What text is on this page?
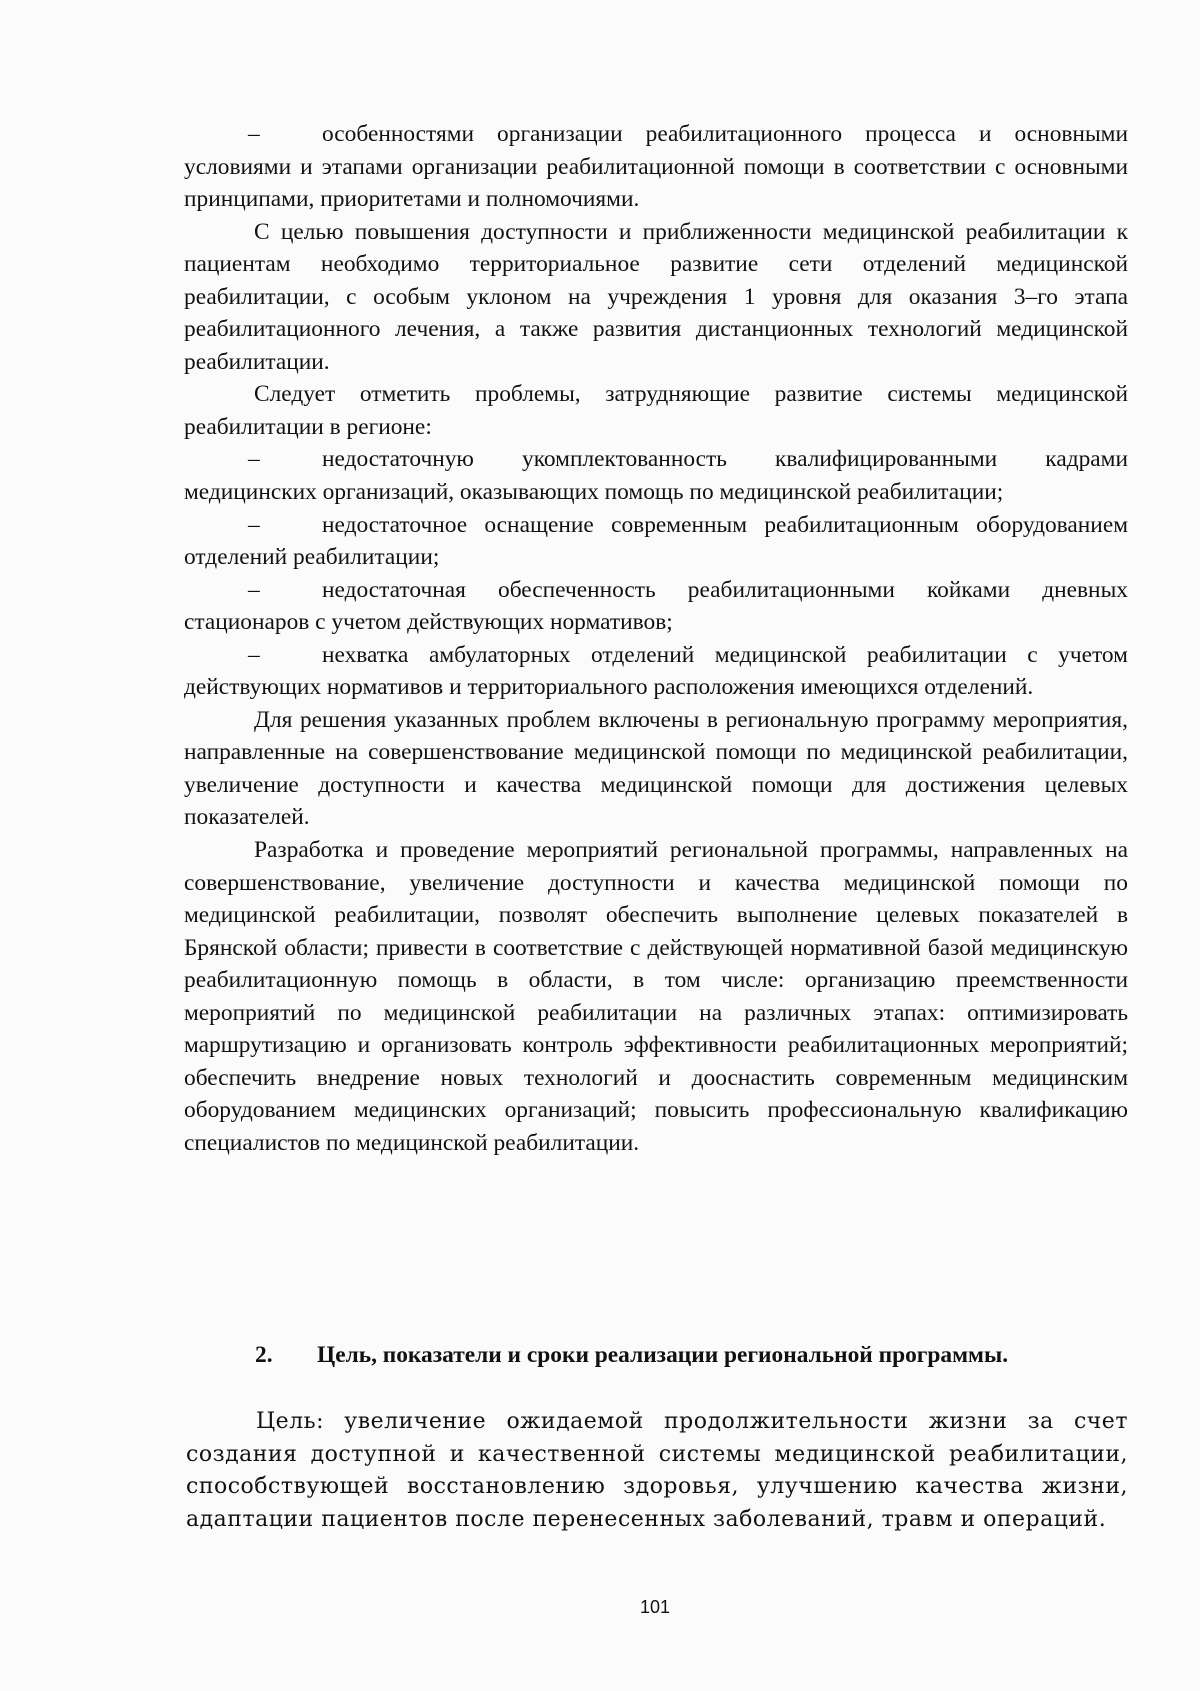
–	особенностями организации реабилитационного процесса и основными условиями и этапами организации реабилитационной помощи в соответствии с основными принципами, приоритетами и полномочиями.

С целью повышения доступности и приближенности медицинской реабилитации к пациентам необходимо территориальное развитие сети отделений медицинской реабилитации, с особым уклоном на учреждения 1 уровня для оказания 3–го этапа реабилитационного лечения, а также развития дистанционных технологий медицинской реабилитации.

Следует отметить проблемы, затрудняющие развитие системы медицинской реабилитации в регионе:

–	недостаточную укомплектованность квалифицированными кадрами медицинских организаций, оказывающих помощь по медицинской реабилитации;

–	недостаточное оснащение современным реабилитационным оборудованием отделений реабилитации;

–	недостаточная обеспеченность реабилитационными койками дневных стационаров с учетом действующих нормативов;

–	нехватка амбулаторных отделений медицинской реабилитации с учетом действующих нормативов и территориального расположения имеющихся отделений.

Для решения указанных проблем включены в региональную программу мероприятия, направленные на совершенствование медицинской помощи по медицинской реабилитации, увеличение доступности и качества медицинской помощи для достижения целевых показателей.

Разработка и проведение мероприятий региональной программы, направленных на совершенствование, увеличение доступности и качества медицинской помощи по медицинской реабилитации, позволят обеспечить выполнение целевых показателей в Брянской области; привести в соответствие с действующей нормативной базой медицинскую реабилитационную помощь в области, в том числе: организацию преемственности мероприятий по медицинской реабилитации на различных этапах: оптимизировать маршрутизацию и организовать контроль эффективности реабилитационных мероприятий; обеспечить внедрение новых технологий и дооснастить современным медицинским оборудованием медицинских организаций; повысить профессиональную квалификацию специалистов по медицинской реабилитации.

2. Цель, показатели и сроки реализации региональной программы.

Цель: увеличение ожидаемой продолжительности жизни за счет создания доступной и качественной системы медицинской реабилитации, способствующей восстановлению здоровья, улучшению качества жизни, адаптации пациентов после перенесенных заболеваний, травм и операций.

101
